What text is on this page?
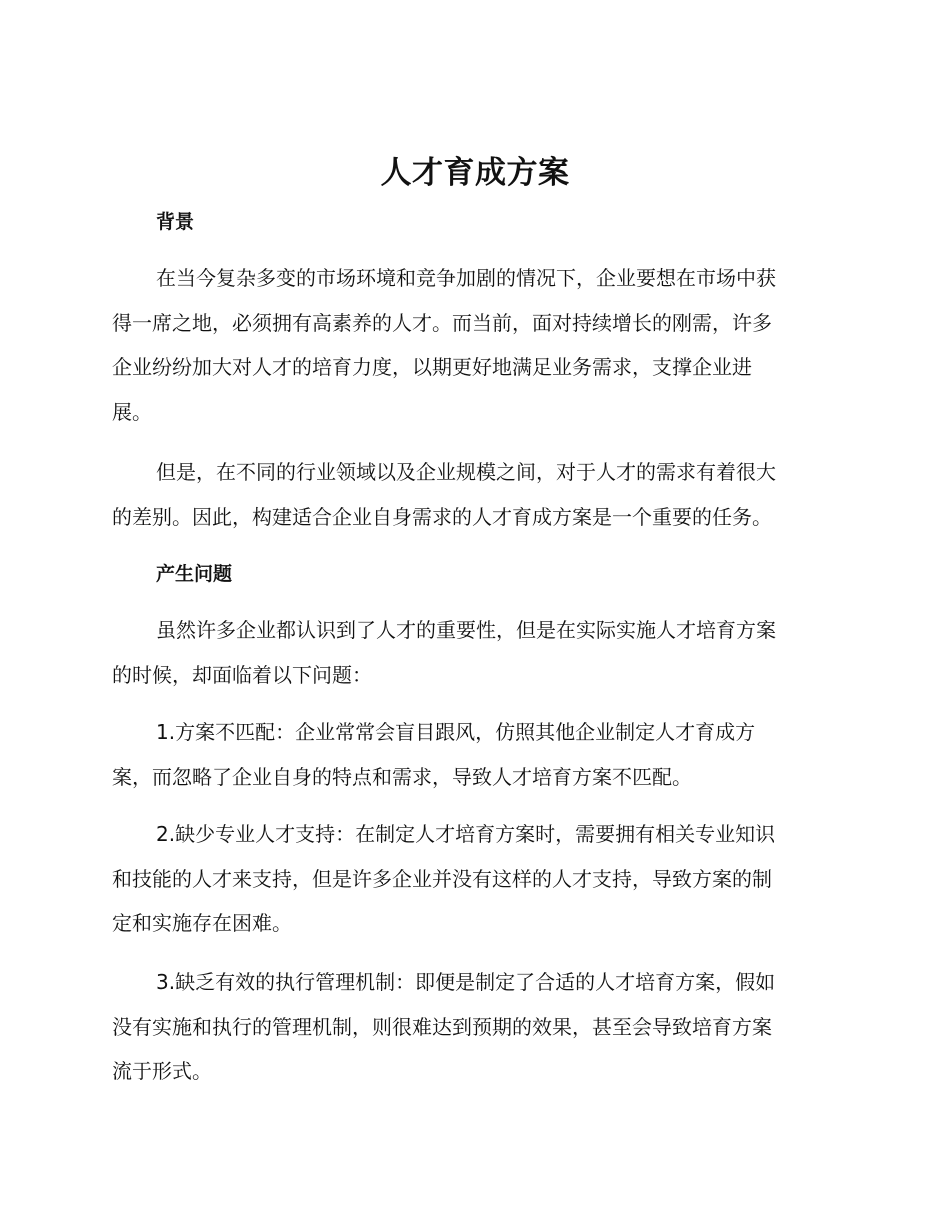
人才育成方案
背景
在当今复杂多变的市场环境和竞争加剧的情况下，企业要想在市场中获
得一席之地，必须拥有高素养的人才。而当前，面对持续增长的刚需，许多
企业纷纷加大对人才的培育力度，以期更好地满足业务需求，支撑企业进
展。
但是，在不同的行业领域以及企业规模之间，对于人才的需求有着很大
的差别。因此，构建适合企业自身需求的人才育成方案是一个重要的任务。
产生问题
虽然许多企业都认识到了人才的重要性，但是在实际实施人才培育方案
的时候，却面临着以下问题：
1.方案不匹配：企业常常会盲目跟风，仿照其他企业制定人才育成方
案，而忽略了企业自身的特点和需求，导致人才培育方案不匹配。
2.缺少专业人才支持：在制定人才培育方案时，需要拥有相关专业知识
和技能的人才来支持，但是许多企业并没有这样的人才支持，导致方案的制
定和实施存在困难。
3.缺乏有效的执行管理机制：即便是制定了合适的人才培育方案，假如
没有实施和执行的管理机制，则很难达到预期的效果，甚至会导致培育方案
流于形式。
